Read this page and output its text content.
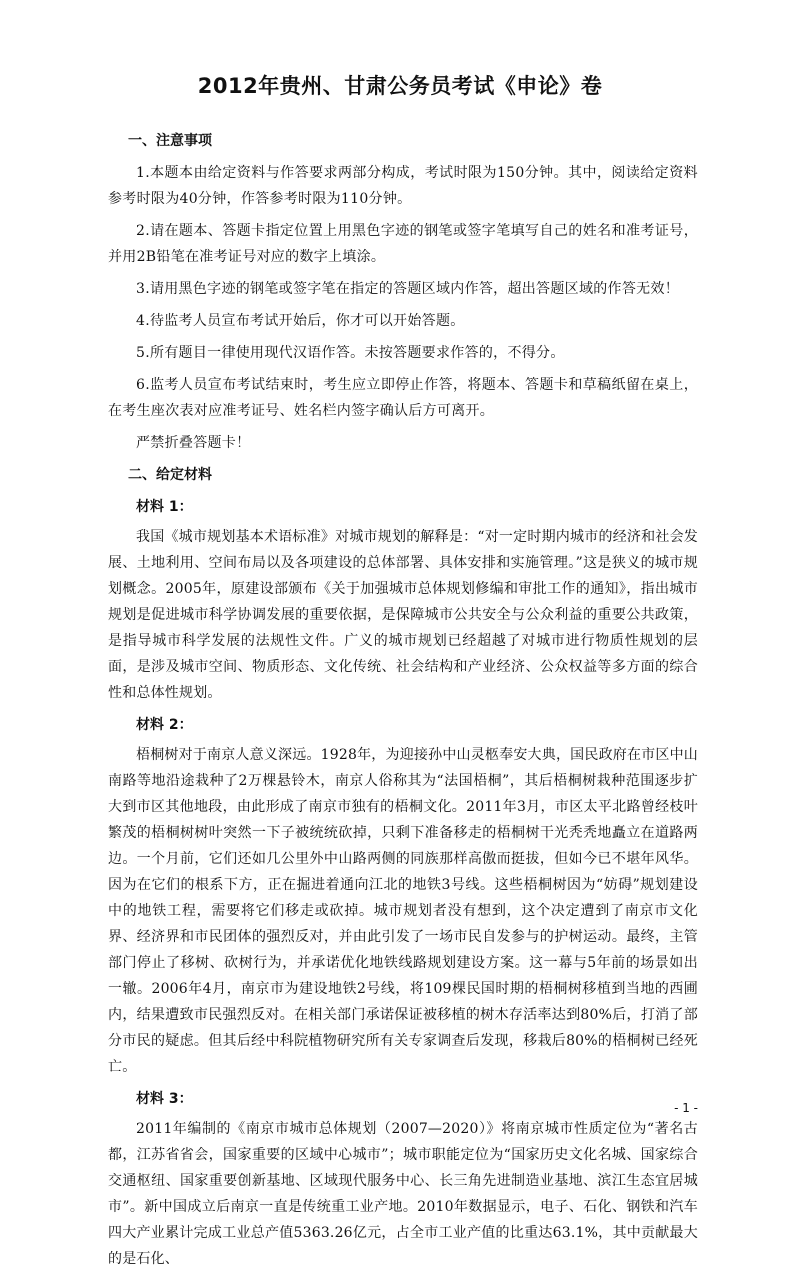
2012年贵州、甘肃公务员考试《申论》卷
一、注意事项

1.本题本由给定资料与作答要求两部分构成，考试时限为150分钟。其中，阅读给定资料参考时限为40分钟，作答参考时限为110分钟。

2.请在题本、答题卡指定位置上用黑色字迹的钢笔或签字笔填写自己的姓名和准考证号，并用2B铅笔在准考证号对应的数字上填涂。

3.请用黑色字迹的钢笔或签字笔在指定的答题区域内作答，超出答题区域的作答无效！

4.待监考人员宣布考试开始后，你才可以开始答题。

5.所有题目一律使用现代汉语作答。未按答题要求作答的，不得分。

6.监考人员宣布考试结束时，考生应立即停止作答，将题本、答题卡和草稿纸留在桌上，在考生座次表对应准考证号、姓名栏内签字确认后方可离开。

严禁折叠答题卡！

二、给定材料
材料 1：

我国《城市规划基本术语标准》对城市规划的解释是：“对一定时期内城市的经济和社会发展、土地利用、空间布局以及各项建设的总体部署、具体安排和实施管理。”这是狭义的城市规划概念。2005年，原建设部颁布《关于加强城市总体规划修编和审批工作的通知》，指出城市规划是促进城市科学协调发展的重要依据，是保障城市公共安全与公众利益的重要公共政策，是指导城市科学发展的法规性文件。广义的城市规划已经超越了对城市进行物质性规划的层面，是涉及城市空间、物质形态、文化传统、社会结构和产业经济、公众权益等多方面的综合性和总体性规划。

材料 2：

梧桐树对于南京人意义深远。1928年，为迎接孙中山灵柩奉安大典，国民政府在市区中山南路等地沿途栽种了2万棵悬铃木，南京人俗称其为“法国梧桐”，其后梧桐树栽种范围逐步扩大到市区其他地段，由此形成了南京市独有的梧桐文化。2011年3月，市区太平北路曾经枝叶繁茂的梧桐树树叶突然一下子被统统砍掉，只剩下准备移走的梧桐树干光秃秃地矗立在道路两边。一个月前，它们还如几公里外中山路两侧的同族那样高傲而挺拔，但如今已不堪年风华。因为在它们的根系下方，正在掘进着通向江北的地铁3号线。这些梧桐树因为“妨碍”规划建设中的地铁工程，需要将它们移走或砍掉。城市规划者没有想到，这个决定遭到了南京市文化界、经济界和市民团体的强烈反对，并由此引发了一场市民自发参与的护树运动。最终，主管部门停止了移树、砍树行为，并承诺优化地铁线路规划建设方案。这一幕与5年前的场景如出一辙。2006年4月，南京市为建设地铁2号线，将109棵民国时期的梧桐树移植到当地的西圃内，结果遭致市民强烈反对。在相关部门承诺保证被移植的树木存活率达到80%后，打消了部分市民的疑虑。但其后经中科院植物研究所有关专家调查后发现，移栽后80%的梧桐树已经死亡。

材料 3：

2011年编制的《南京市城市总体规划（2007—2020）》将南京城市性质定位为“著名古都，江苏省省会，国家重要的区域中心城市”；城市职能定位为“国家历史文化名城、国家综合交通枢纽、国家重要创新基地、区域现代服务中心、长三角先进制造业基地、滨江生态宜居城市”。新中国成立后南京一直是传统重工业产地。2010年数据显示，电子、石化、钢铁和汽车四大产业累计完成工业总产值5363.26亿元，占全市工业产值的比重达63.1%，其中贡献最大的是石化、

- 1 -
